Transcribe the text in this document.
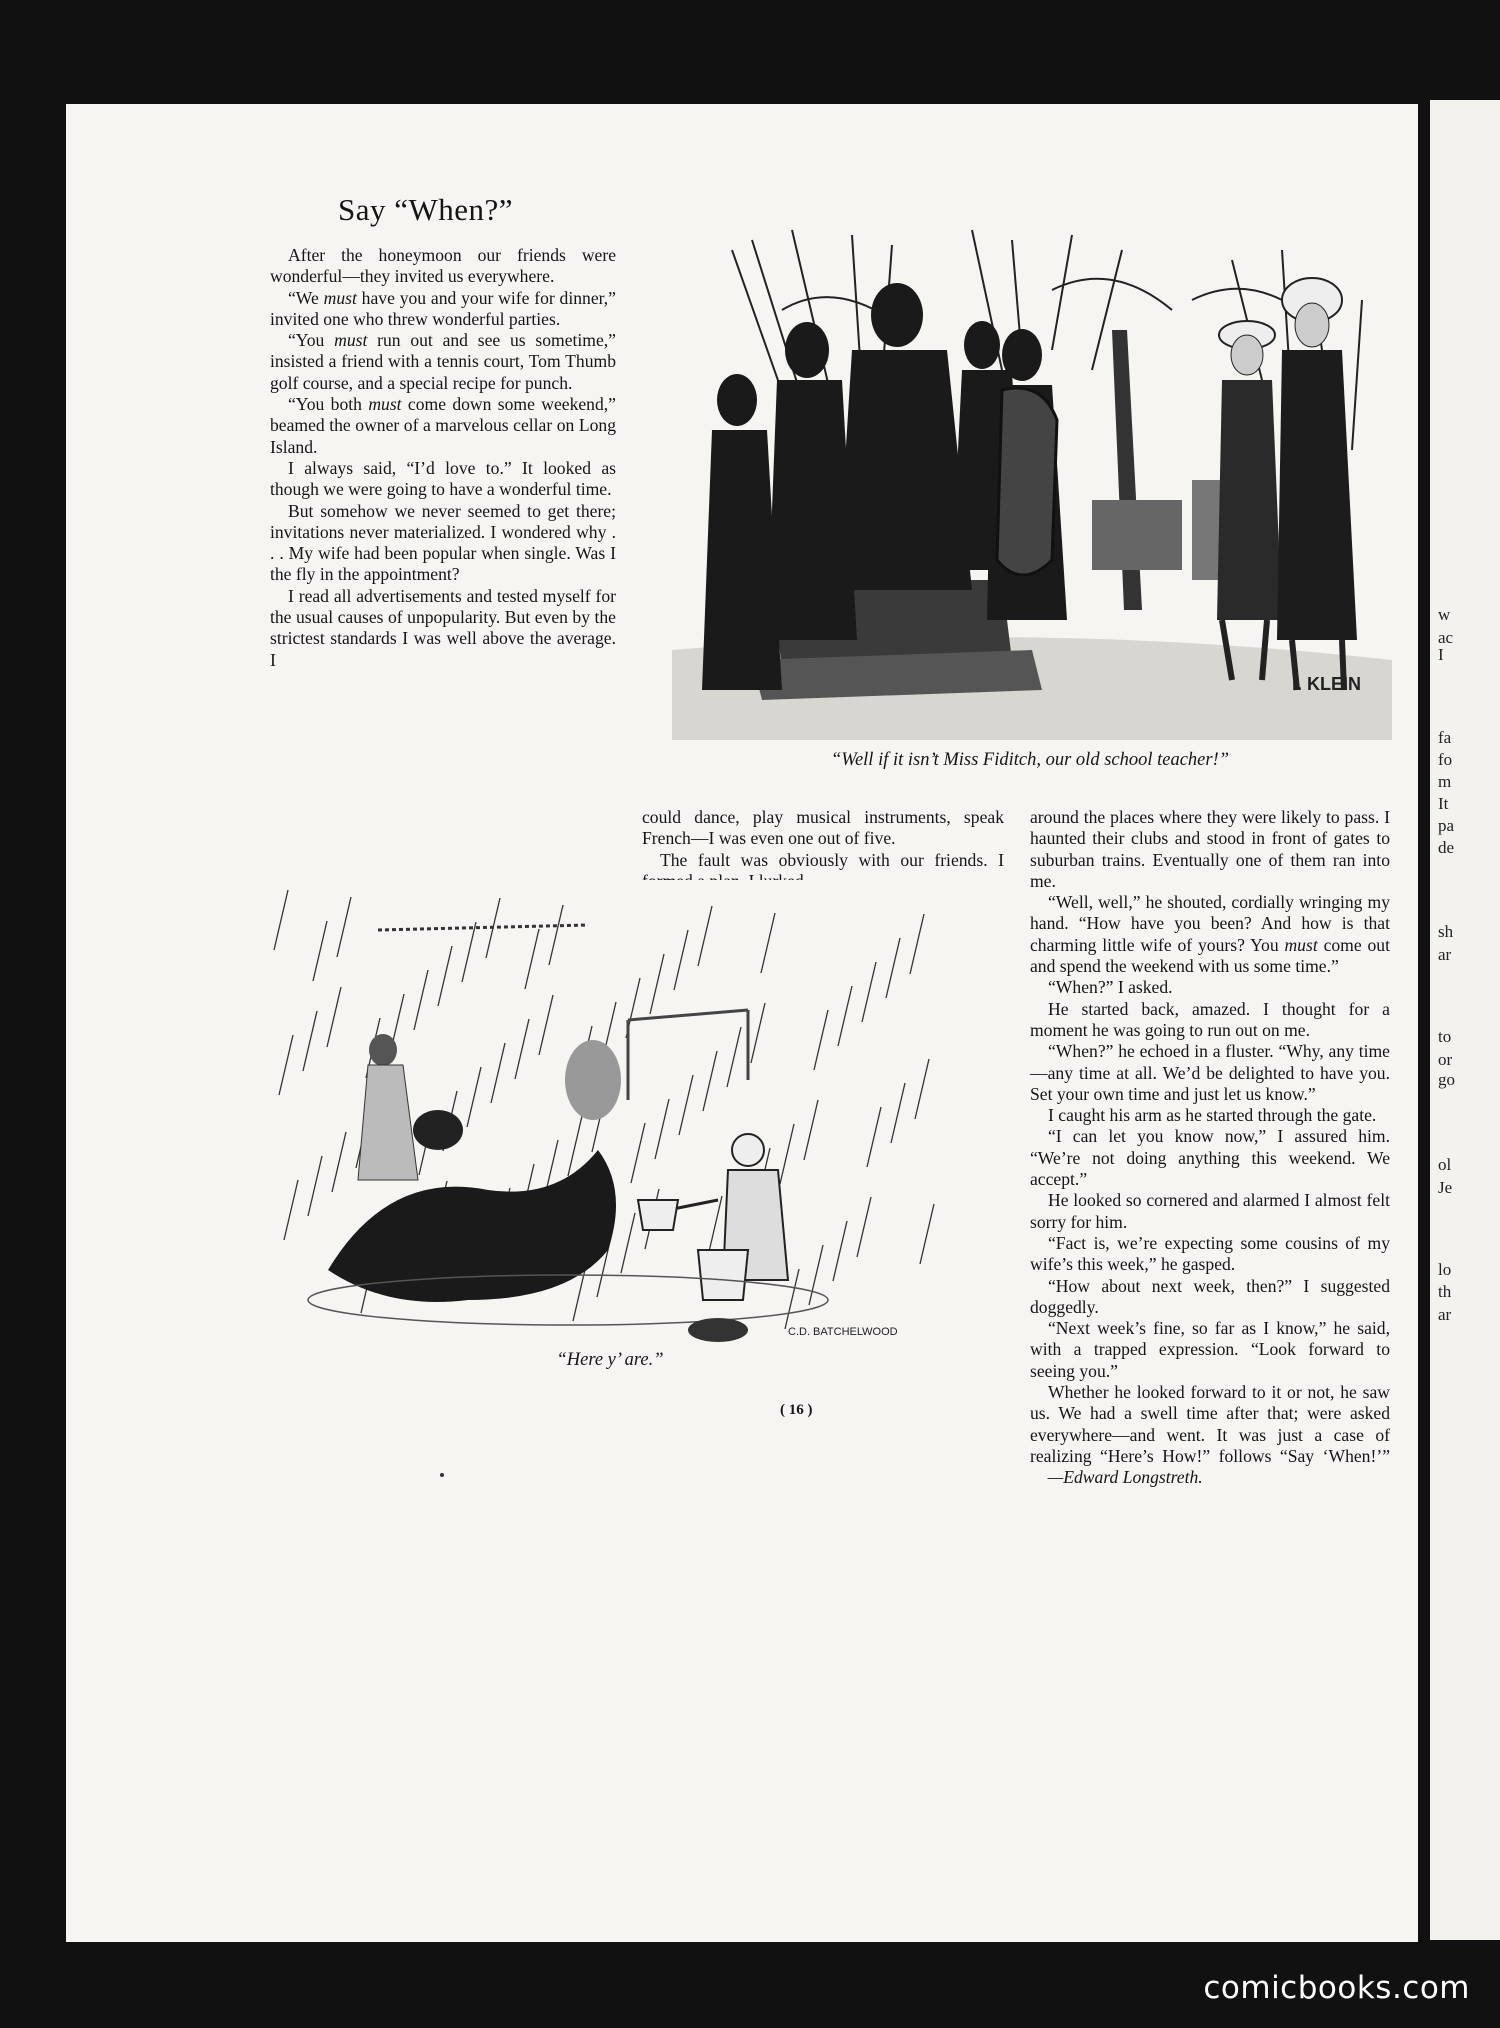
w
ac
I
fa
fo
m
It
pa
de
sh
ar
to
or
go
ol
Je
lo
th
ar
Say “When?”

After the honeymoon our friends were wonderful—they invited us everywhere.

“We must have you and your wife for dinner,” invited one who threw wonderful parties.

“You must run out and see us sometime,” insisted a friend with a tennis court, Tom Thumb golf course, and a special recipe for punch.

“You both must come down some weekend,” beamed the owner of a marvelous cellar on Long Island.

I always said, “I’d love to.” It looked as though we were going to have a wonderful time.

But somehow we never seemed to get there; invitations never materialized. I wondered why . . . My wife had been popular when single. Was I the fly in the appointment?

I read all advertisements and tested myself for the usual causes of unpopularity. But even by the strictest standards I was well above the average. I

could dance, play musical instruments, speak French—I was even one out of five.

The fault was obviously with our friends. I

around the places where they were likely to pass. I haunted their clubs and stood in front of gates to suburban trains. Eventually one of them ran into me.

“Well, well,” he shouted, cordially wringing my hand. “How have you been? And how is that charming little wife of yours? You must come out and spend the weekend with us some time.”

“When?” I asked.

He started back, amazed. I thought for a moment he was going to run out on me.

“When?” he echoed in a fluster. “Why, any time—any time at all. We’d be delighted to have you. Set your own time and just let us know.”

I caught his arm as he started through the gate.

“I can let you know now,” I assured him. “We’re not doing anything this weekend. We accept.”

He looked so cornered and alarmed I almost felt sorry for him.

“Fact is, we’re expecting some cousins of my wife’s this week,” he gasped.

“How about next week, then?” I suggested doggedly.

“Next week’s fine, so far as I know,” he said, with a trapped expression. “Look forward to seeing you.”

Whether he looked forward to it or not, he saw us. We had a swell time after that; were asked everywhere—and went. It was just a case of realizing “Here’s How!” follows “Say ‘When!’”  —Edward Longstreth.

I. KLEIN
“Well if it isn’t Miss Fiditch, our old school teacher!”
C.D. BATCHELWOOD
“Here y’ are.”
( 16 )
comicbooks.com
